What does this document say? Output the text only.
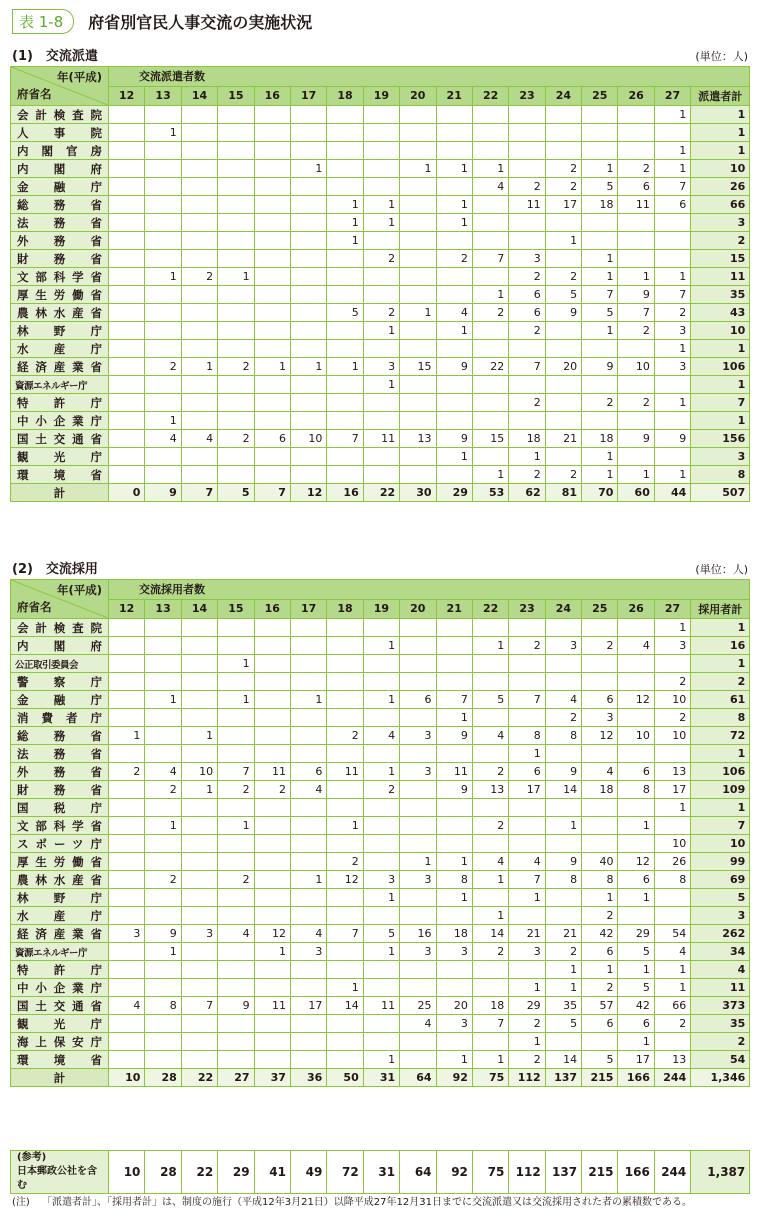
表 1-8	府省別官民人事交流の実施状況
(1)　交流派遣	(単位：人)
年(平成)
府省名	交流派遣者数																
	12	13	14	15	16	17	18	19	20	21	22	23	24	25	26	27	派遣者計
会計検査院																1	1
人　事　院		1															1
内閣官房																1	1
内　閣　府						1			1	1	1		2	1	2	1	10
金　融　庁											4	2	2	5	6	7	26
総　務　省							1	1		1		11	17	18	11	6	66
法　務　省							1	1		1							3
外　務　省							1						1				2
財　務　省								2		2	7	3		1			15
文部科学省		1	2	1								2	2	1	1	1	11
厚生労働省											1	6	5	7	9	7	35
農林水産省							5	2	1	4	2	6	9	5	7	2	43
林　野　庁								1		1		2		1	2	3	10
水　産　庁																1	1
経済産業省		2	1	2	1	1	1	3	15	9	22	7	20	9	10	3	106
資源エネルギー庁								1									1
特　許　庁												2		2	2	1	7
中小企業庁		1															1
国土交通省		4	4	2	6	10	7	11	13	9	15	18	21	18	9	9	156
観　光　庁										1		1		1			3
環　境　省											1	2	2	1	1	1	8
計	0	9	7	5	7	12	16	22	30	29	53	62	81	70	60	44	507
(2)　交流採用	(単位：人)
年(平成)
府省名	交流採用者数																
	12	13	14	15	16	17	18	19	20	21	22	23	24	25	26	27	採用者計
会計検査院																1	1
内　閣　府								1			1	2	3	2	4	3	16
公正取引委員会				1													1
警　察　庁																2	2
金　融　庁		1		1		1		1	6	7	5	7	4	6	12	10	61
消費者庁										1			2	3		2	8
総　務　省	1		1				2	4	3	9	4	8	8	12	10	10	72
法　務　省												1					1
外　務　省	2	4	10	7	11	6	11	1	3	11	2	6	9	4	6	13	106
財　務　省		2	1	2	2	4		2		9	13	17	14	18	8	17	109
国　税　庁																1	1
文部科学省		1		1			1				2		1		1		7
スポーツ庁																10	10
厚生労働省							2		1	1	4	4	9	40	12	26	99
農林水産省		2		2		1	12	3	3	8	1	7	8	8	6	8	69
林　野　庁								1		1		1		1	1		5
水　産　庁											1			2			3
経済産業省	3	9	3	4	12	4	7	5	16	18	14	21	21	42	29	54	262
資源エネルギー庁		1			1	3		1	3	3	2	3	2	6	5	4	34
特　許　庁													1	1	1	1	4
中小企業庁							1					1	1	2	5	1	11
国土交通省	4	8	7	9	11	17	14	11	25	20	18	29	35	57	42	66	373
観　光　庁									4	3	7	2	5	6	6	2	35
海上保安庁												1			1		2
環　境　省								1		1	1	2	14	5	17	13	54
計	10	28	22	27	37	36	50	31	64	92	75	112	137	215	166	244	1,346
(参考)
日本郵政公社を含む	10	28	22	29	41	49	72	31	64	92	75	112	137	215	166	244	1,387
(注) 「派遣者計」、「採用者計」は、制度の施行（平成12年3月21日）以降平成27年12月31日までに交流派遣又は交流採用された者の累積数である。
